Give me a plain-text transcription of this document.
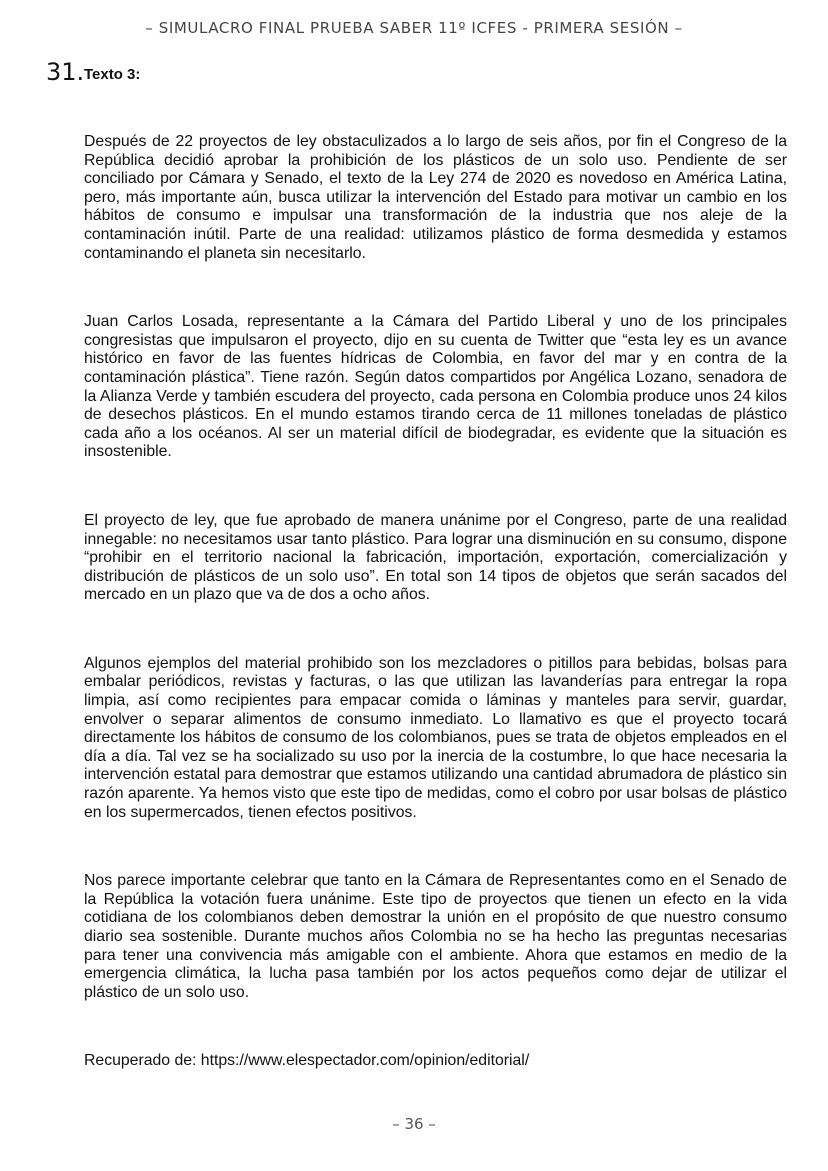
– SIMULACRO FINAL PRUEBA SABER 11º ICFES - PRIMERA SESIÓN –
31. Texto 3:

Después de 22 proyectos de ley obstaculizados a lo largo de seis años, por fin el Congreso de la República decidió aprobar la prohibición de los plásticos de un solo uso. Pendiente de ser conciliado por Cámara y Senado, el texto de la Ley 274 de 2020 es novedoso en América Latina, pero, más importante aún, busca utilizar la intervención del Estado para motivar un cambio en los hábitos de consumo e impulsar una transformación de la industria que nos aleje de la contaminación inútil. Parte de una realidad: utilizamos plástico de forma desmedida y estamos contaminando el planeta sin necesitarlo.

Juan Carlos Losada, representante a la Cámara del Partido Liberal y uno de los principales congresistas que impulsaron el proyecto, dijo en su cuenta de Twitter que “esta ley es un avance histórico en favor de las fuentes hídricas de Colombia, en favor del mar y en contra de la contaminación plástica”. Tiene razón. Según datos compartidos por Angélica Lozano, senadora de la Alianza Verde y también escudera del proyecto, cada persona en Colombia produce unos 24 kilos de desechos plásticos. En el mundo estamos tirando cerca de 11 millones toneladas de plástico cada año a los océanos. Al ser un material difícil de biodegradar, es evidente que la situación es insostenible.

El proyecto de ley, que fue aprobado de manera unánime por el Congreso, parte de una realidad innegable: no necesitamos usar tanto plástico. Para lograr una disminución en su consumo, dispone “prohibir en el territorio nacional la fabricación, importación, exportación, comercialización y distribución de plásticos de un solo uso”. En total son 14 tipos de objetos que serán sacados del mercado en un plazo que va de dos a ocho años.

Algunos ejemplos del material prohibido son los mezcladores o pitillos para bebidas, bolsas para embalar periódicos, revistas y facturas, o las que utilizan las lavanderías para entregar la ropa limpia, así como recipientes para empacar comida o láminas y manteles para servir, guardar, envolver o separar alimentos de consumo inmediato. Lo llamativo es que el proyecto tocará directamente los hábitos de consumo de los colombianos, pues se trata de objetos empleados en el día a día. Tal vez se ha socializado su uso por la inercia de la costumbre, lo que hace necesaria la intervención estatal para demostrar que estamos utilizando una cantidad abrumadora de plástico sin razón aparente. Ya hemos visto que este tipo de medidas, como el cobro por usar bolsas de plástico en los supermercados, tienen efectos positivos.

Nos parece importante celebrar que tanto en la Cámara de Representantes como en el Senado de la República la votación fuera unánime. Este tipo de proyectos que tienen un efecto en la vida cotidiana de los colombianos deben demostrar la unión en el propósito de que nuestro consumo diario sea sostenible. Durante muchos años Colombia no se ha hecho las preguntas necesarias para tener una convivencia más amigable con el ambiente. Ahora que estamos en medio de la emergencia climática, la lucha pasa también por los actos pequeños como dejar de utilizar el plástico de un solo uso.

Recuperado de: https://www.elespectador.com/opinion/editorial/

– 36 –
